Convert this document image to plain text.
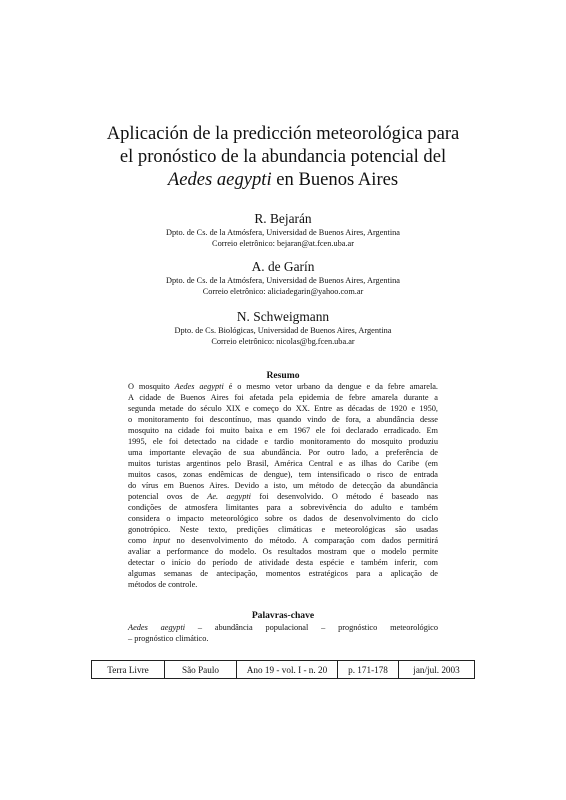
Aplicación de la predicción meteorológica para
el pronóstico de la abundancia potencial del
Aedes aegypti en Buenos Aires
R. Bejarán
Dpto. de Cs. de la Atmósfera, Universidad de Buenos Aires, Argentina
Correio eletrônico: bejaran@at.fcen.uba.ar
A. de Garín
Dpto. de Cs. de la Atmósfera, Universidad de Buenos Aires, Argentina
Correio eletrônico: aliciadegarin@yahoo.com.ar
N. Schweigmann
Dpto. de Cs. Biológicas, Universidad de Buenos Aires, Argentina
Correio eletrônico: nicolas@bg.fcen.uba.ar
Resumo
O mosquito Aedes aegypti é o mesmo vetor urbano da dengue e da febre amarela.
A cidade de Buenos Aires foi afetada pela epidemia de febre amarela durante a
segunda metade do século XIX e começo do XX. Entre as décadas de 1920 e 1950,
o monitoramento foi descontínuo, mas quando vindo de fora, a abundância desse
mosquito na cidade foi muito baixa e em 1967 ele foi declarado erradicado. Em
1995, ele foi detectado na cidade e tardio monitoramento do mosquito produziu
uma importante elevação de sua abundância. Por outro lado, a preferência de
muitos turistas argentinos pelo Brasil, América Central e as ilhas do Caribe (em
muitos casos, zonas endêmicas de dengue), tem intensificado o risco de entrada
do vírus em Buenos Aires. Devido a isto, um método de detecção da abundância
potencial ovos de Ae. aegypti foi desenvolvido. O método é baseado nas
condições de atmosfera limitantes para a sobrevivência do adulto e também
considera o impacto meteorológico sobre os dados de desenvolvimento do ciclo
gonotrópico. Neste texto, predições climáticas e meteorológicas são usadas
como input no desenvolvimento do método. A comparação com dados permitirá
avaliar a performance do modelo. Os resultados mostram que o modelo permite
detectar o início do período de atividade desta espécie e também inferir, com
algumas semanas de antecipação, momentos estratégicos para a aplicação de
métodos de controle.
Palavras-chave
Aedes aegypti – abundância populacional – prognóstico meteorológico
– prognóstico climático.
Terra Livre	São Paulo	Ano 19 - vol. I - n. 20	p. 171-178	jan/jul. 2003
